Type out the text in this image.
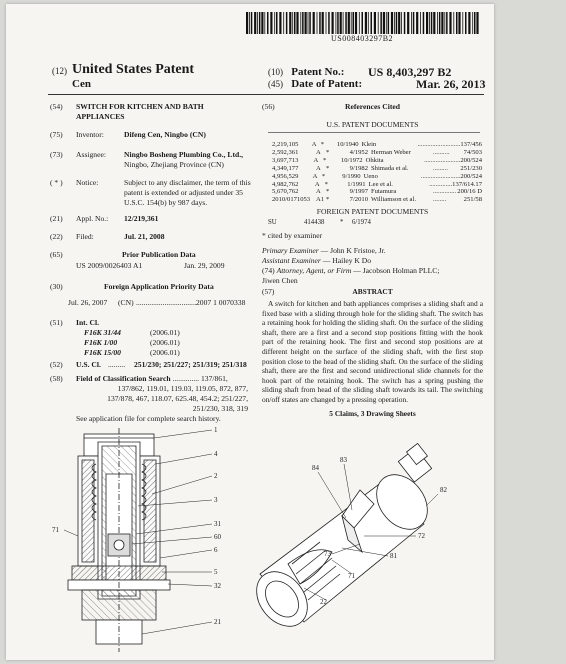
US008403297B2
(12) United States Patent
Cen
(10) Patent No.: US 8,403,297 B2
(45) Date of Patent:	Mar. 26, 2013
(54) SWITCH FOR KITCHEN AND BATH
APPLIANCES
(75) Inventor:	Difeng Cen, Ningbo (CN)
(73) Assignee: Ningbo Bosheng Plumbing Co., Ltd.,
Ningbo, Zhejiang Province (CN)
( * ) Notice:	Subject to any disclaimer, the term of this
patent is extended or adjusted under 35
U.S.C. 154(b) by 987 days.
(21) Appl. No.: 12/219,361
(22) Filed:	Jul. 21, 2008
(65)	Prior Publication Data
US 2009/0026403 A1	Jan. 29, 2009
(30)	Foreign Application Priority Data
Jul. 26, 2007 (CN) ................................ 2007 1 0070338
(51) Int. Cl.
F16K 31/44	(2006.01)
F16K 1/00	(2006.01)
F16K 15/00	(2006.01)
(52) U.S. Cl. ......... 251/230; 251/227; 251/319; 251/318
(58) Field of Classification Search .............. 137/861,
137/862, 119.01, 119.03, 119.05, 872, 877,
137/878, 467, 118.07, 625.48, 454.2; 251/227,
251/230, 318, 319
See application file for complete search history.
(56)	References Cited
U.S. PATENT DOCUMENTS
2,219,105	A *	10/1940 Klein	.......................... 137/456
2,592,361	A *	4/1952 Herman Weber	..........	74/503
3,697,713	A *	10/1972 Ohkita	...................... 200/524
4,349,177	A *	9/1982 Shimada et al.	.........	251/230
4,956,529	A *	9/1990 Ueno	........................ 200/524
4,982,762	A *	1/1991 Lee et al.	.............. 137/614.17
5,670,762	A *	9/1997 Futamura	.............. 200/16 D
2010/0171053 A1 *	7/2010 Williamson et al.	........	251/58
FOREIGN PATENT DOCUMENTS
SU	414438	*	6/1974
* cited by examiner
Primary Examiner — John K Fristoe, Jr.
Assistant Examiner — Hailey K Do
(74) Attorney, Agent, or Firm — Jacobson Holman PLLC;
Jiwen Chen
(57)	ABSTRACT
A switch for kitchen and bath appliances comprises a sliding shaft and a fixed base with a sliding through hole for the sliding shaft. The switch has a retaining hook for holding the sliding shaft. On the surface of the sliding shaft, there are a first and a second stop positions fitting with the hook part of the retaining hook. The first and second stop positions are at different height on the surface of the sliding shaft, with the first stop position close to the head of the sliding shaft. On the surface of the sliding shaft, there are the first and second unidirectional slide channels for the hook part of the retaining hook. The switch has a spring pushing the sliding shaft from head of the sliding shaft towards its tail. The switching on/off states are changed by a pressing operation.
5 Claims, 3 Drawing Sheets
1
4
2
3
31
60
6
5
32
21
71
83
84
82
72
73	81
71
22
